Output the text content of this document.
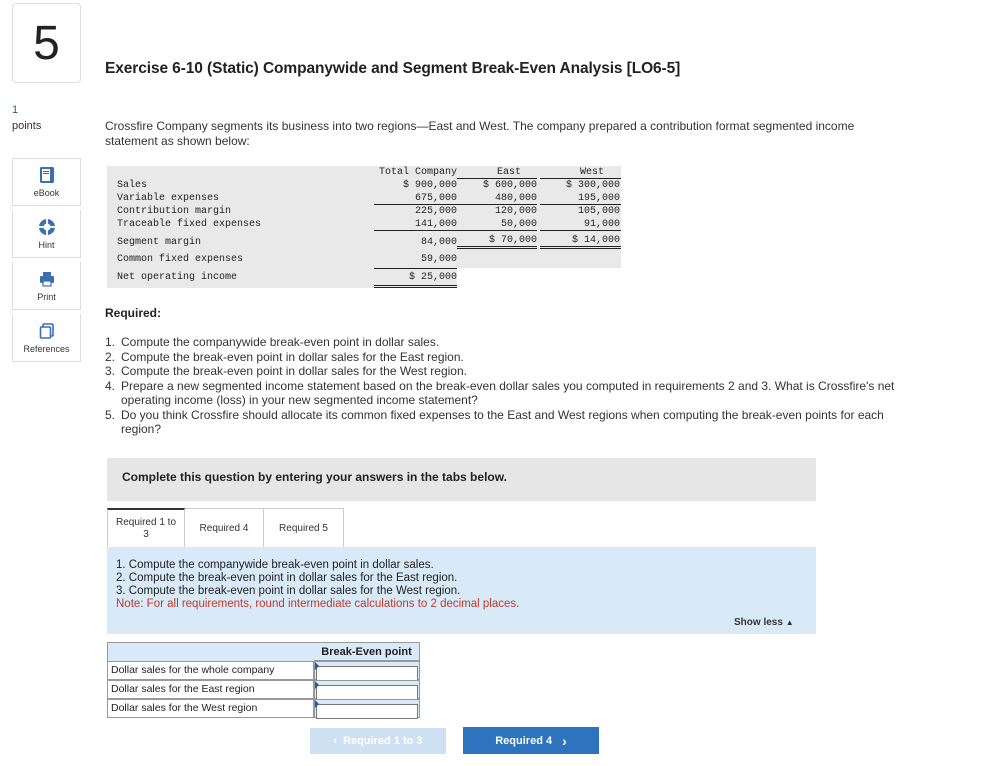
5
1
points
eBook
Hint
Print
References
Exercise 6-10 (Static) Companywide and Segment Break-Even Analysis [LO6-5]
Crossfire Company segments its business into two regions—East and West. The company prepared a contribution format segmented income statement as shown below:
Total Company	East	West
Sales	$ 900,000	$ 600,000	$ 300,000
Variable expenses	675,000	480,000	195,000
Contribution margin	225,000	120,000	105,000
Traceable fixed expenses	141,000	50,000	91,000
Segment margin	84,000	$ 70,000	$ 14,000
Common fixed expenses	59,000
Net operating income	$ 25,000
Required:
1. Compute the companywide break-even point in dollar sales.
2. Compute the break-even point in dollar sales for the East region.
3. Compute the break-even point in dollar sales for the West region.
4. Prepare a new segmented income statement based on the break-even dollar sales you computed in requirements 2 and 3. What is Crossfire's net operating income (loss) in your new segmented income statement?
5. Do you think Crossfire should allocate its common fixed expenses to the East and West regions when computing the break-even points for each region?
Complete this question by entering your answers in the tabs below.
Required 1 to 3
Required 4	Required 5
1. Compute the companywide break-even point in dollar sales.
2. Compute the break-even point in dollar sales for the East region.
3. Compute the break-even point in dollar sales for the West region.
Note: For all requirements, round intermediate calculations to 2 decimal places.
Show less ▲
Break-Even point
Dollar sales for the whole company
Dollar sales for the East region
Dollar sales for the West region
‹ Required 1 to 3	Required 4 ›
